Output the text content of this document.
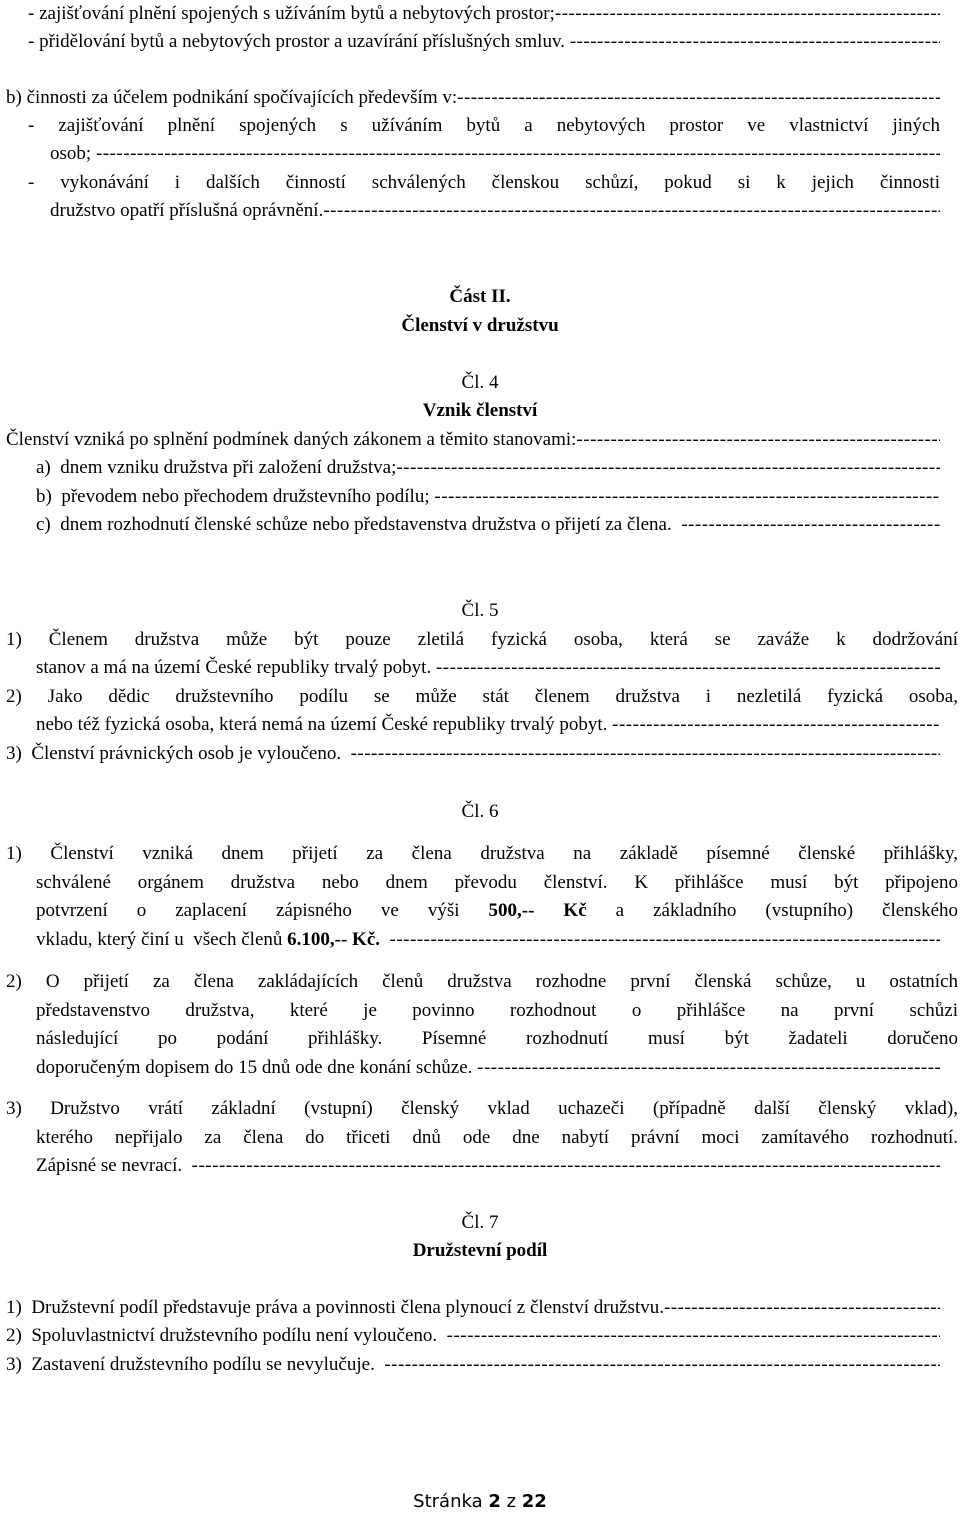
- zajišťování plnění spojených s užíváním bytů a nebytových prostor;
-----
- přidělování bytů a nebytových prostor a uzavírání příslušných smluv.
-----
b) činnosti za účelem podnikání spočívajících především v:
-----
- zajišťování plnění spojených s užíváním bytů a nebytových prostor ve vlastnictví jiných
osob;
-----
- vykonávání i dalších činností schválených členskou schůzí, pokud si k jejich činnosti
družstvo opatří příslušná oprávnění.
-----
Část II.
Členství v družstvu
Čl. 4
Vznik členství
Členství vzniká po splnění podmínek daných zákonem a těmito stanovami:
-----
a)  dnem vzniku družstva při založení družstva;
-----
b)  převodem nebo přechodem družstevního podílu;
-----
c)  dnem rozhodnutí členské schůze nebo představenstva družstva o přijetí za člena.
-----
Čl. 5
1) Členem družstva může být pouze zletilá fyzická osoba, která se zaváže k dodržování
stanov a má na území České republiky trvalý pobyt.
-----
2) Jako dědic družstevního podílu se může stát členem družstva i nezletilá fyzická osoba,
nebo též fyzická osoba, která nemá na území České republiky trvalý pobyt.
-----
3)  Členství právnických osob je vyloučeno.
-----
Čl. 6
1) Členství vzniká dnem přijetí za člena družstva na základě písemné členské přihlášky,
schválené orgánem družstva nebo dnem převodu členství. K přihlášce musí být připojeno
potvrzení o zaplacení zápisného ve výši 500,-- Kč a základního (vstupního) členského
vkladu, který činí u  všech členů 6.100,-- Kč.

-----
2) O přijetí za člena zakládajících členů družstva rozhodne první členská schůze, u ostatních
představenstvo družstva, které je povinno rozhodnout o přihlášce na první schůzi
následující po podání přihlášky. Písemné rozhodnutí musí být žadateli doručeno
doporučeným dopisem do 15 dnů ode dne konání schůze.
-----
3) Družstvo vrátí základní (vstupní) členský vklad uchazeči (případně další členský vklad),
kterého nepřijalo za člena do třiceti dnů ode dne nabytí právní moci zamítavého rozhodnutí.
Zápisné se nevrací.
-----
Čl. 7
Družstevní podíl
1)  Družstevní podíl představuje práva a povinnosti člena plynoucí z členství družstvu.
-----
2)  Spoluvlastnictví družstevního podílu není vyloučeno.
-----
3)  Zastavení družstevního podílu se nevylučuje.
-----
Stránka 2 z 22
